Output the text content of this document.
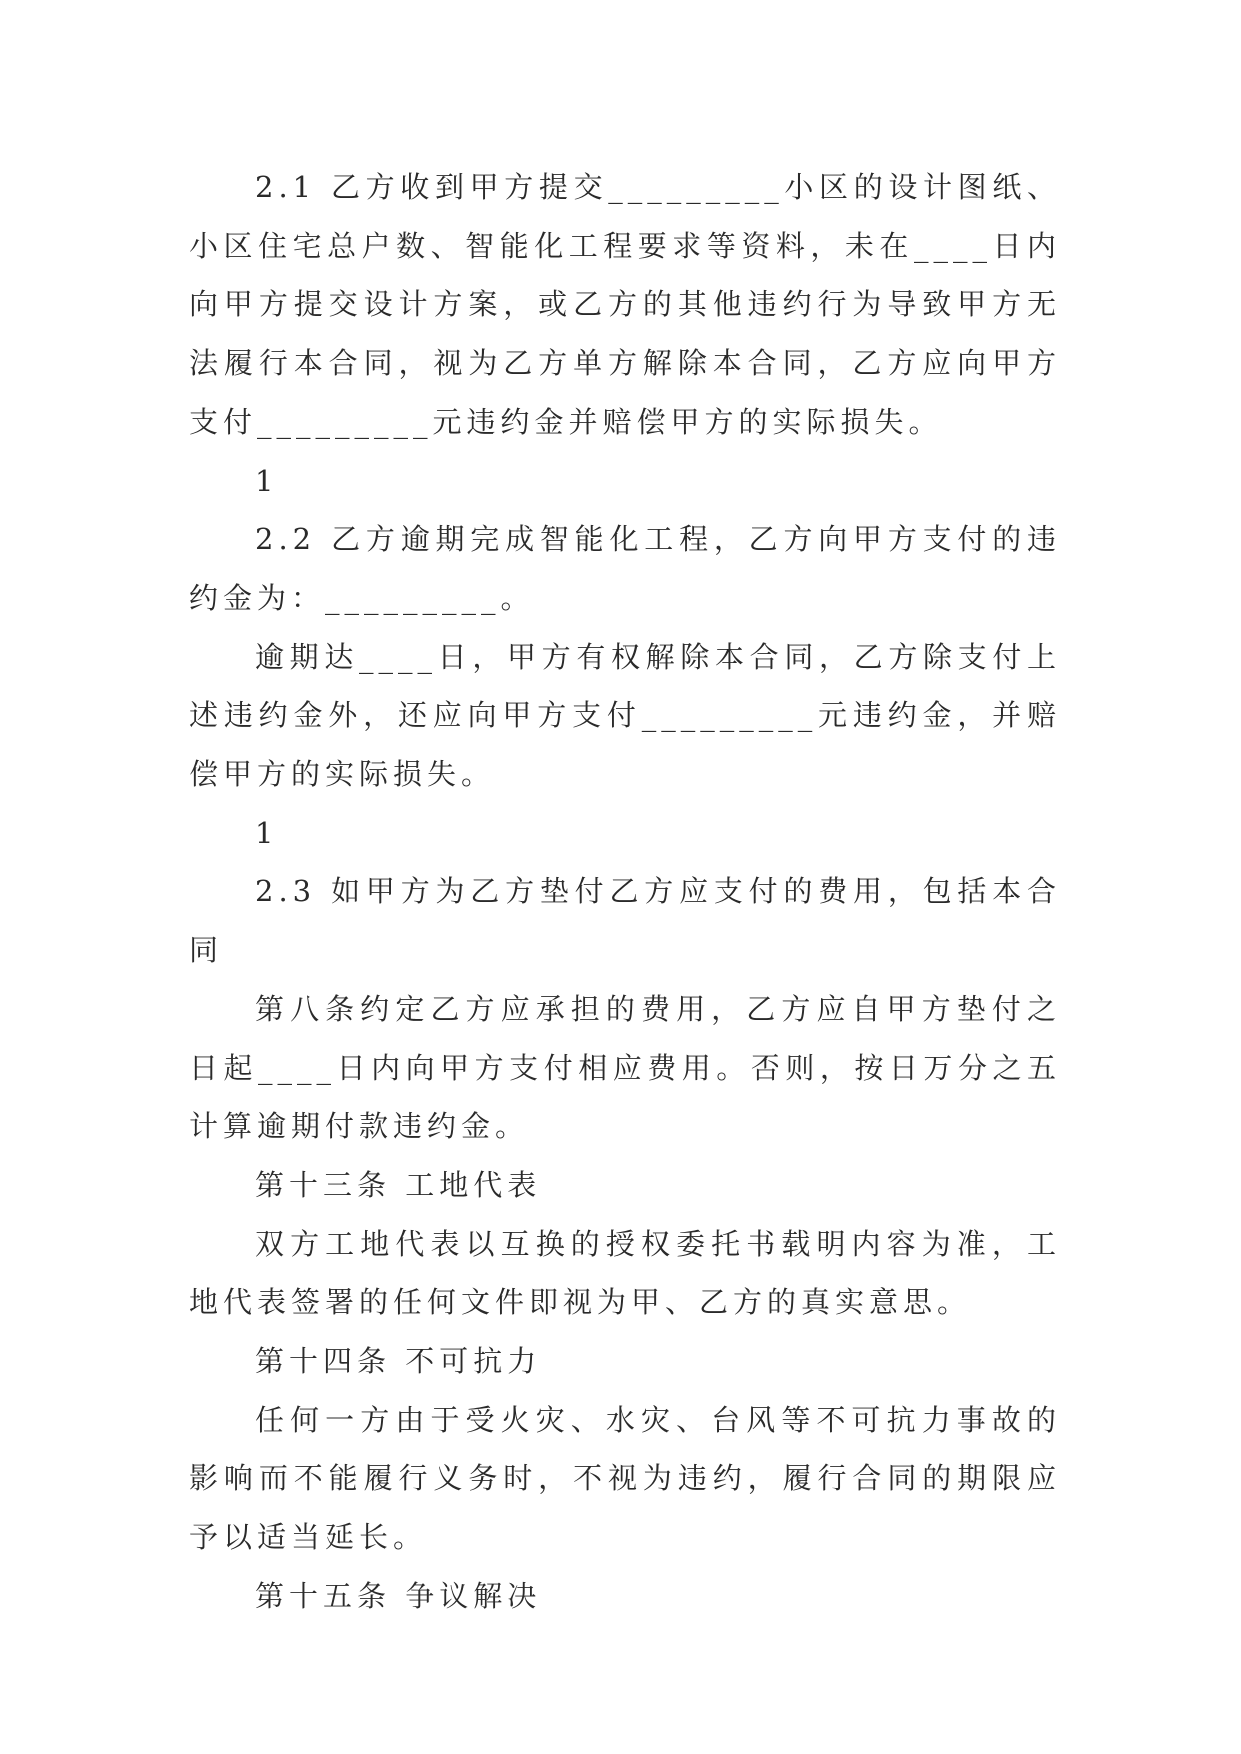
2.1 乙方收到甲方提交_________小区的设计图纸、小区住宅总户数、智能化工程要求等资料，未在____日内向甲方提交设计方案，或乙方的其他违约行为导致甲方无法履行本合同，视为乙方单方解除本合同，乙方应向甲方支付_________元违约金并赔偿甲方的实际损失。

1

2.2 乙方逾期完成智能化工程，乙方向甲方支付的违约金为：_________。

逾期达____日，甲方有权解除本合同，乙方除支付上述违约金外，还应向甲方支付_________元违约金，并赔偿甲方的实际损失。

1

2.3 如甲方为乙方垫付乙方应支付的费用，包括本合同

第八条约定乙方应承担的费用，乙方应自甲方垫付之日起____日内向甲方支付相应费用。否则，按日万分之五计算逾期付款违约金。

第十三条 工地代表

双方工地代表以互换的授权委托书载明内容为准，工地代表签署的任何文件即视为甲、乙方的真实意思。

第十四条 不可抗力

任何一方由于受火灾、水灾、台风等不可抗力事故的影响而不能履行义务时，不视为违约，履行合同的期限应予以适当延长。

第十五条 争议解决
